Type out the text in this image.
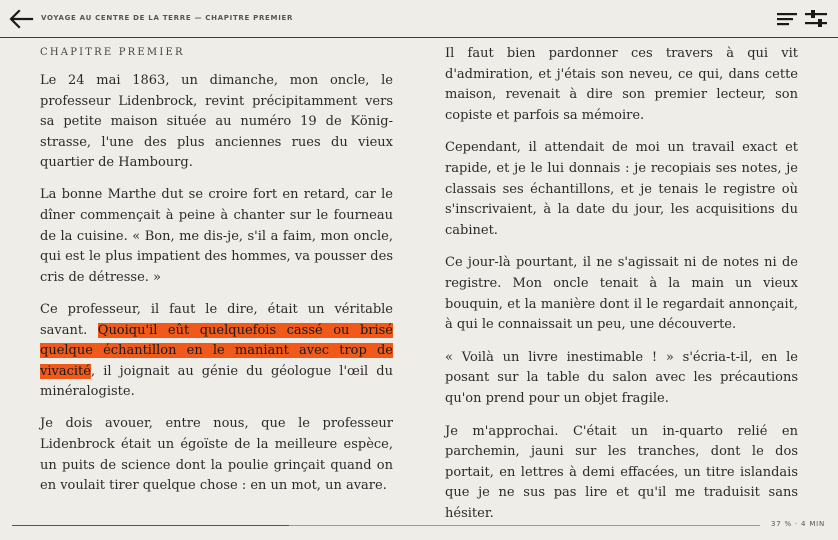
VOYAGE AU CENTRE DE LA TERRE — CHAPITRE PREMIER
CHAPITRE PREMIER

Le 24 mai 1863, un dimanche, mon oncle, le professeur Lidenbrock, revint précipitamment vers sa petite maison située au numéro 19 de König-strasse, l'une des plus anciennes rues du vieux quartier de Hambourg.

La bonne Marthe dut se croire fort en retard, car le dîner commençait à peine à chanter sur le fourneau de la cuisine. « Bon, me dis-je, s'il a faim, mon oncle, qui est le plus impatient des hommes, va pousser des cris de détresse. »

Ce professeur, il faut le dire, était un véritable savant. Quoiqu'il eût quelquefois cassé ou brisé quelque échantillon en le maniant avec trop de vivacité, il joignait au génie du géologue l'œil du minéralogiste.

Je dois avouer, entre nous, que le professeur Lidenbrock était un égoïste de la meilleure espèce, un puits de science dont la poulie grinçait quand on en voulait tirer quelque chose : en un mot, un avare.

Il faut bien pardonner ces travers à qui vit d'admiration, et j'étais son neveu, ce qui, dans cette maison, revenait à dire son premier lecteur, son copiste et parfois sa mémoire.

Cependant, il attendait de moi un travail exact et rapide, et je le lui donnais : je recopiais ses notes, je classais ses échantillons, et je tenais le registre où s'inscrivaient, à la date du jour, les acquisitions du cabinet.

Ce jour-là pourtant, il ne s'agissait ni de notes ni de registre. Mon oncle tenait à la main un vieux bouquin, et la manière dont il le regardait annonçait, à qui le connaissait un peu, une découverte.

« Voilà un livre inestimable ! » s'écria-t-il, en le posant sur la table du salon avec les précautions qu'on prend pour un objet fragile.

Je m'approchai. C'était un in-quarto relié en parchemin, jauni sur les tranches, dont le dos portait, en lettres à demi effacées, un titre islandais que je ne sus pas lire et qu'il me traduisit sans hésiter.

37 % · 4 MIN
